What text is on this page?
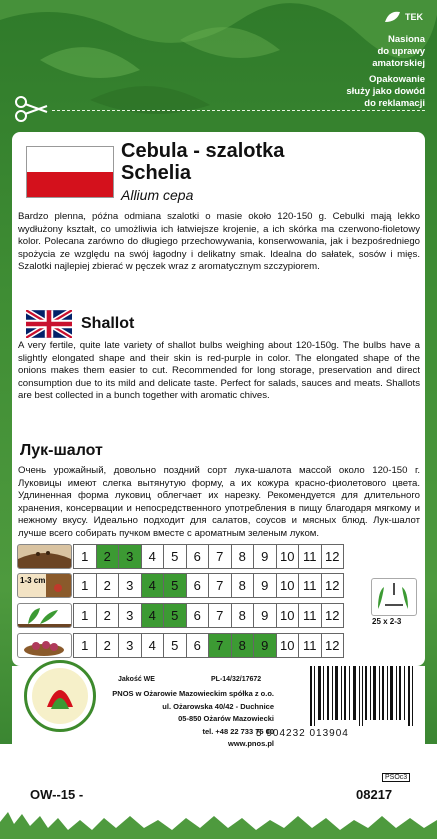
TEK
Nasiona
do uprawy
amatorskiej
Opakowanie
służy jako dowód
do reklamacji
Cebula - szalotka
Schelia
Allium cepa
Bardzo plenna, późna odmiana szalotki o masie około 120-150 g. Cebulki mają lekko wydłużony kształt, co umożliwia ich łatwiejsze krojenie, a ich skórka ma czerwono-fioletowy kolor. Polecana zarówno do długiego przechowywania, konserwowania, jak i bezpośredniego spożycia ze względu na swój łagodny i delikatny smak. Idealna do sałatek, sosów i mięs. Szalotki najlepiej zbierać w pęczek wraz z aromatycznym szczypiorem.
Shallot
A very fertile, quite late variety of shallot bulbs weighing about 120-150g. The bulbs have a slightly elongated shape and their skin is red-purple in color. The elongated shape of the onions makes them easier to cut. Recommended for long storage, preservation and direct consumption due to its mild and delicate taste. Perfect for salads, sauces and meats. Shallots are best collected in a bunch together with aromatic chives.
Лук-шалот
Очень урожайный, довольно поздний сорт лука-шалота массой около 120-150 г. Луковицы имеют слегка вытянутую форму, а их кожура красно-фиолетового цвета. Удлиненная форма луковиц облегчает их нарезку. Рекомендуется для длительного хранения, консервации и непосредственного употребления в пищу благодаря мягкому и нежному вкусу. Идеально подходит для салатов, соусов и мясных блюд. Лук-шалот лучше всего собирать пучком вместе с ароматным зеленым луком.
1-3 cm
1	2	3	4	5	6	7	8	9 10 11 12
1	2	3	4	5	6	7	8	9 10 11 12
1	2	3	4	5	6	7	8	9 10 11 12
1	2	3	4	5	6	7	8	9 10 11 12
25 x 2-3
Jakość WE	PL-14/32/17672
PNOS w Ożarowie Mazowieckim spółka z o.o.
ul. Ożarowska 40/42 - Duchnice
05-850 Ożarów Mazowiecki
tel. +48 22 733 75 00
www.pnos.pl
5 904232 013904
PSOc3
OW--15 -	08217
